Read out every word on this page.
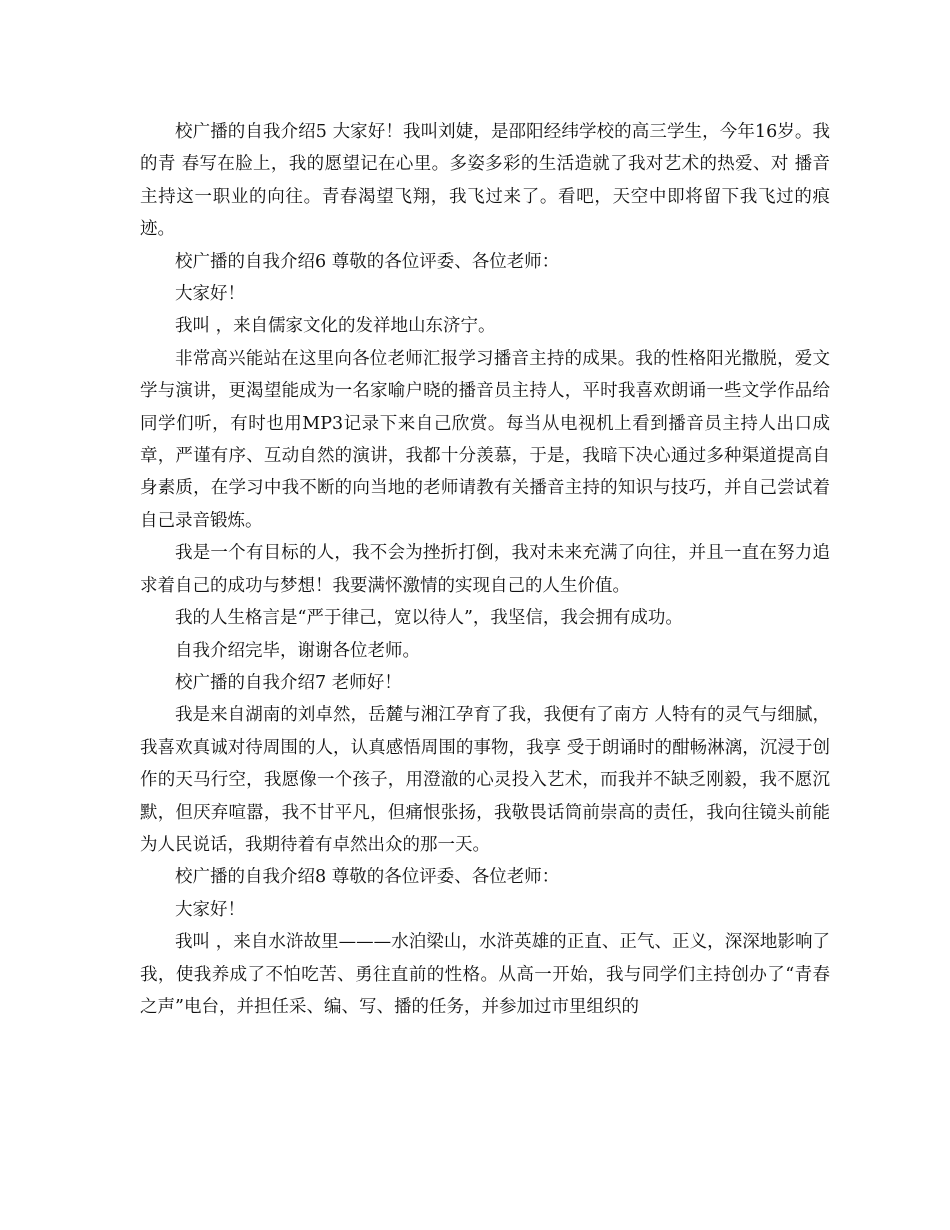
校广播的自我介绍5 大家好！我叫刘婕，是邵阳经纬学校的高三学生，今年16岁。我的青 春写在脸上，我的愿望记在心里。多姿多彩的生活造就了我对艺术的热爱、对 播音主持这一职业的向往。青春渴望飞翔，我飞过来了。看吧，天空中即将留下我飞过的痕迹。

校广播的自我介绍6 尊敬的各位评委、各位老师：

大家好！

我叫 ，来自儒家文化的发祥地山东济宁。

非常高兴能站在这里向各位老师汇报学习播音主持的成果。我的性格阳光撒脱，爱文学与演讲，更渴望能成为一名家喻户晓的播音员主持人，平时我喜欢朗诵一些文学作品给同学们听，有时也用MP3记录下来自己欣赏。每当从电视机上看到播音员主持人出口成章，严谨有序、互动自然的演讲，我都十分羡慕，于是，我暗下决心通过多种渠道提高自身素质，在学习中我不断的向当地的老师请教有关播音主持的知识与技巧，并自己尝试着自己录音锻炼。

我是一个有目标的人，我不会为挫折打倒，我对未来充满了向往，并且一直在努力追求着自己的成功与梦想！我要满怀激情的实现自己的人生价值。

我的人生格言是“严于律己，宽以待人”，我坚信，我会拥有成功。

自我介绍完毕，谢谢各位老师。

校广播的自我介绍7 老师好！

我是来自湖南的刘卓然，岳麓与湘江孕育了我，我便有了南方 人特有的灵气与细腻，我喜欢真诚对待周围的人，认真感悟周围的事物，我享 受于朗诵时的酣畅淋漓，沉浸于创作的天马行空，我愿像一个孩子，用澄澈的心灵投入艺术，而我并不缺乏刚毅，我不愿沉默，但厌弃喧嚣，我不甘平凡，但痛恨张扬，我敬畏话筒前崇高的责任，我向往镜头前能为人民说话，我期待着有卓然出众的那一天。

校广播的自我介绍8 尊敬的各位评委、各位老师：

大家好！

我叫 ，来自水浒故里———水泊梁山，水浒英雄的正直、正气、正义，深深地影响了我，使我养成了不怕吃苦、勇往直前的性格。从高一开始，我与同学们主持创办了“青春之声”电台，并担任采、编、写、播的任务，并参加过市里组织的
